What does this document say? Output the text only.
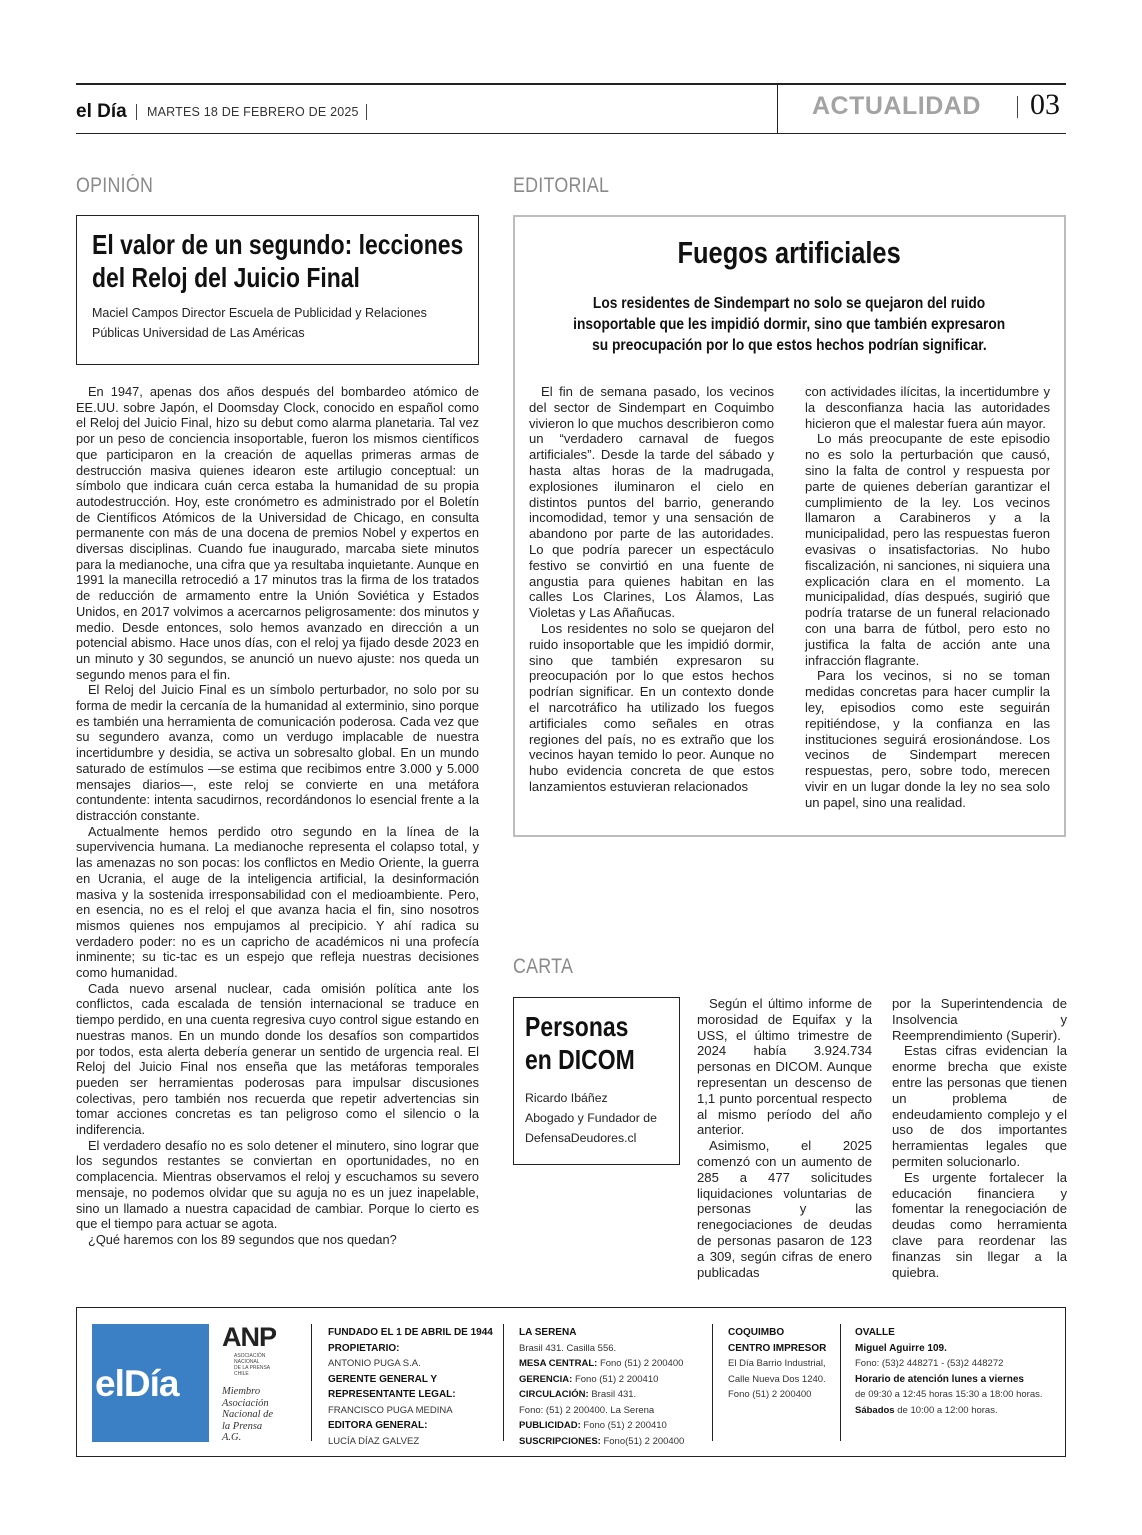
el Día MARTES 18 DE FEBRERO DE 2025	ACTUALIDAD 03
OPINIÓN
El valor de un segundo: lecciones
del Reloj del Juicio Final
Maciel Campos Director Escuela de Publicidad y Relaciones
Públicas Universidad de Las Américas

En 1947, apenas dos años después del bombardeo atómico de EE.UU. sobre Japón, el Doomsday Clock, conocido en español como el Reloj del Juicio Final, hizo su debut como alarma planetaria. Tal vez por un peso de conciencia insoportable, fueron los mismos científicos que participaron en la creación de aquellas primeras armas de destrucción masiva quienes idearon este artilugio conceptual: un símbolo que indicara cuán cerca estaba la humanidad de su propia autodestrucción. Hoy, este cronómetro es administrado por el Boletín de Científicos Atómicos de la Universidad de Chicago, en consulta permanente con más de una docena de premios Nobel y expertos en diversas disciplinas. Cuando fue inaugurado, marcaba siete minutos para la medianoche, una cifra que ya resultaba inquietante. Aunque en 1991 la manecilla retrocedió a 17 minutos tras la firma de los tratados de reducción de armamento entre la Unión Soviética y Estados Unidos, en 2017 volvimos a acercarnos peligrosamente: dos minutos y medio. Desde entonces, solo hemos avanzado en dirección a un potencial abismo. Hace unos días, con el reloj ya fijado desde 2023 en un minuto y 30 segundos, se anunció un nuevo ajuste: nos queda un segundo menos para el fin.

El Reloj del Juicio Final es un símbolo perturbador, no solo por su forma de medir la cercanía de la humanidad al exterminio, sino porque es también una herramienta de comunicación poderosa. Cada vez que su segundero avanza, como un verdugo implacable de nuestra incertidumbre y desidia, se activa un sobresalto global. En un mundo saturado de estímulos —se estima que recibimos entre 3.000 y 5.000 mensajes diarios—, este reloj se convierte en una metáfora contundente: intenta sacudirnos, recordándonos lo esencial frente a la distracción constante.

Actualmente hemos perdido otro segundo en la línea de la supervivencia humana. La medianoche representa el colapso total, y las amenazas no son pocas: los conflictos en Medio Oriente, la guerra en Ucrania, el auge de la inteligencia artificial, la desinformación masiva y la sostenida irresponsabilidad con el medioambiente. Pero, en esencia, no es el reloj el que avanza hacia el fin, sino nosotros mismos quienes nos empujamos al precipicio. Y ahí radica su verdadero poder: no es un capricho de académicos ni una profecía inminente; su tic-tac es un espejo que refleja nuestras decisiones como humanidad.

Cada nuevo arsenal nuclear, cada omisión política ante los conflictos, cada escalada de tensión internacional se traduce en tiempo perdido, en una cuenta regresiva cuyo control sigue estando en nuestras manos. En un mundo donde los desafíos son compartidos por todos, esta alerta debería generar un sentido de urgencia real. El Reloj del Juicio Final nos enseña que las metáforas temporales pueden ser herramientas poderosas para impulsar discusiones colectivas, pero también nos recuerda que repetir advertencias sin tomar acciones concretas es tan peligroso como el silencio o la indiferencia.

El verdadero desafío no es solo detener el minutero, sino lograr que los segundos restantes se conviertan en oportunidades, no en complacencia. Mientras observamos el reloj y escuchamos su severo mensaje, no podemos olvidar que su aguja no es un juez inapelable, sino un llamado a nuestra capacidad de cambiar. Porque lo cierto es que el tiempo para actuar se agota.

¿Qué haremos con los 89 segundos que nos quedan?

EDITORIAL
Fuegos artificiales
Los residentes de Sindempart no solo se quejaron del ruido
insoportable que les impidió dormir, sino que también expresaron
su preocupación por lo que estos hechos podrían significar.

El fin de semana pasado, los vecinos del sector de Sindempart en Coquimbo vivieron lo que muchos describieron como un “verdadero carnaval de fuegos artificiales”. Desde la tarde del sábado y hasta altas horas de la madrugada, explosiones iluminaron el cielo en distintos puntos del barrio, generando incomodidad, temor y una sensación de abandono por parte de las autoridades. Lo que podría parecer un espectáculo festivo se convirtió en una fuente de angustia para quienes habitan en las calles Los Clarines, Los Álamos, Las Violetas y Las Añañucas.

Los residentes no solo se quejaron del ruido insoportable que les impidió dormir, sino que también expresaron su preocupación por lo que estos hechos podrían significar. En un contexto donde el narcotráfico ha utilizado los fuegos artificiales como señales en otras regiones del país, no es extraño que los vecinos hayan temido lo peor. Aunque no hubo evidencia concreta de que estos lanzamientos estuvieran relacionados

con actividades ilícitas, la incertidumbre y la desconfianza hacia las autoridades hicieron que el malestar fuera aún mayor.

Lo más preocupante de este episodio no es solo la perturbación que causó, sino la falta de control y respuesta por parte de quienes deberían garantizar el cumplimiento de la ley. Los vecinos llamaron a Carabineros y a la municipalidad, pero las respuestas fueron evasivas o insatisfactorias. No hubo fiscalización, ni sanciones, ni siquiera una explicación clara en el momento. La municipalidad, días después, sugirió que podría tratarse de un funeral relacionado con una barra de fútbol, pero esto no justifica la falta de acción ante una infracción flagrante.

Para los vecinos, si no se toman medidas concretas para hacer cumplir la ley, episodios como este seguirán repitiéndose, y la confianza en las instituciones seguirá erosionándose. Los vecinos de Sindempart merecen respuestas, pero, sobre todo, merecen vivir en un lugar donde la ley no sea solo un papel, sino una realidad.

CARTA
Personas
en DICOM
Ricardo Ibáñez
Abogado y Fundador de
DefensaDeudores.cl

Según el último informe de morosidad de Equifax y la USS, el último trimestre de 2024 había 3.924.734 personas en DICOM. Aunque representan un descenso de 1,1 punto porcentual respecto al mismo período del año anterior.

Asimismo, el 2025 comenzó con un aumento de 285 a 477 solicitudes liquidaciones voluntarias de personas y las renegociaciones de deudas de personas pasaron de 123 a 309, según cifras de enero publicadas

por la Superintendencia de Insolvencia y Reemprendimiento (Superir).

Estas cifras evidencian la enorme brecha que existe entre las personas que tienen un problema de endeudamiento complejo y el uso de dos importantes herramientas legales que permiten solucionarlo.

Es urgente fortalecer la educación financiera y fomentar la renegociación de deudas como herramienta clave para reordenar las finanzas sin llegar a la quiebra.

elDía
ANP
ASOCIACIÓN
NACIONAL
DE LA PRENSA
CHILE
Miembro
Asociación
Nacional de
la Prensa
A.G.
FUNDADO EL 1 DE ABRIL DE 1944
PROPIETARIO:
ANTONIO PUGA S.A.
GERENTE GENERAL Y
REPRESENTANTE LEGAL:
FRANCISCO PUGA MEDINA
EDITORA GENERAL:
LUCÍA DÍAZ GALVEZ
LA SERENA
Brasil 431. Casilla 556.
MESA CENTRAL: Fono (51) 2 200400
GERENCIA: Fono (51) 2 200410
CIRCULACIÓN: Brasil 431.
Fono: (51) 2 200400. La Serena
PUBLICIDAD: Fono (51) 2 200410
SUSCRIPCIONES: Fono(51) 2 200400
COQUIMBO
CENTRO IMPRESOR
El Día Barrio Industrial,
Calle Nueva Dos 1240.
Fono (51) 2 200400
OVALLE
Miguel Aguirre 109.
Fono: (53)2 448271 - (53)2 448272
Horario de atención lunes a viernes
de 09:30 a 12:45 horas 15:30 a 18:00 horas.
Sábados de 10:00 a 12:00 horas.
